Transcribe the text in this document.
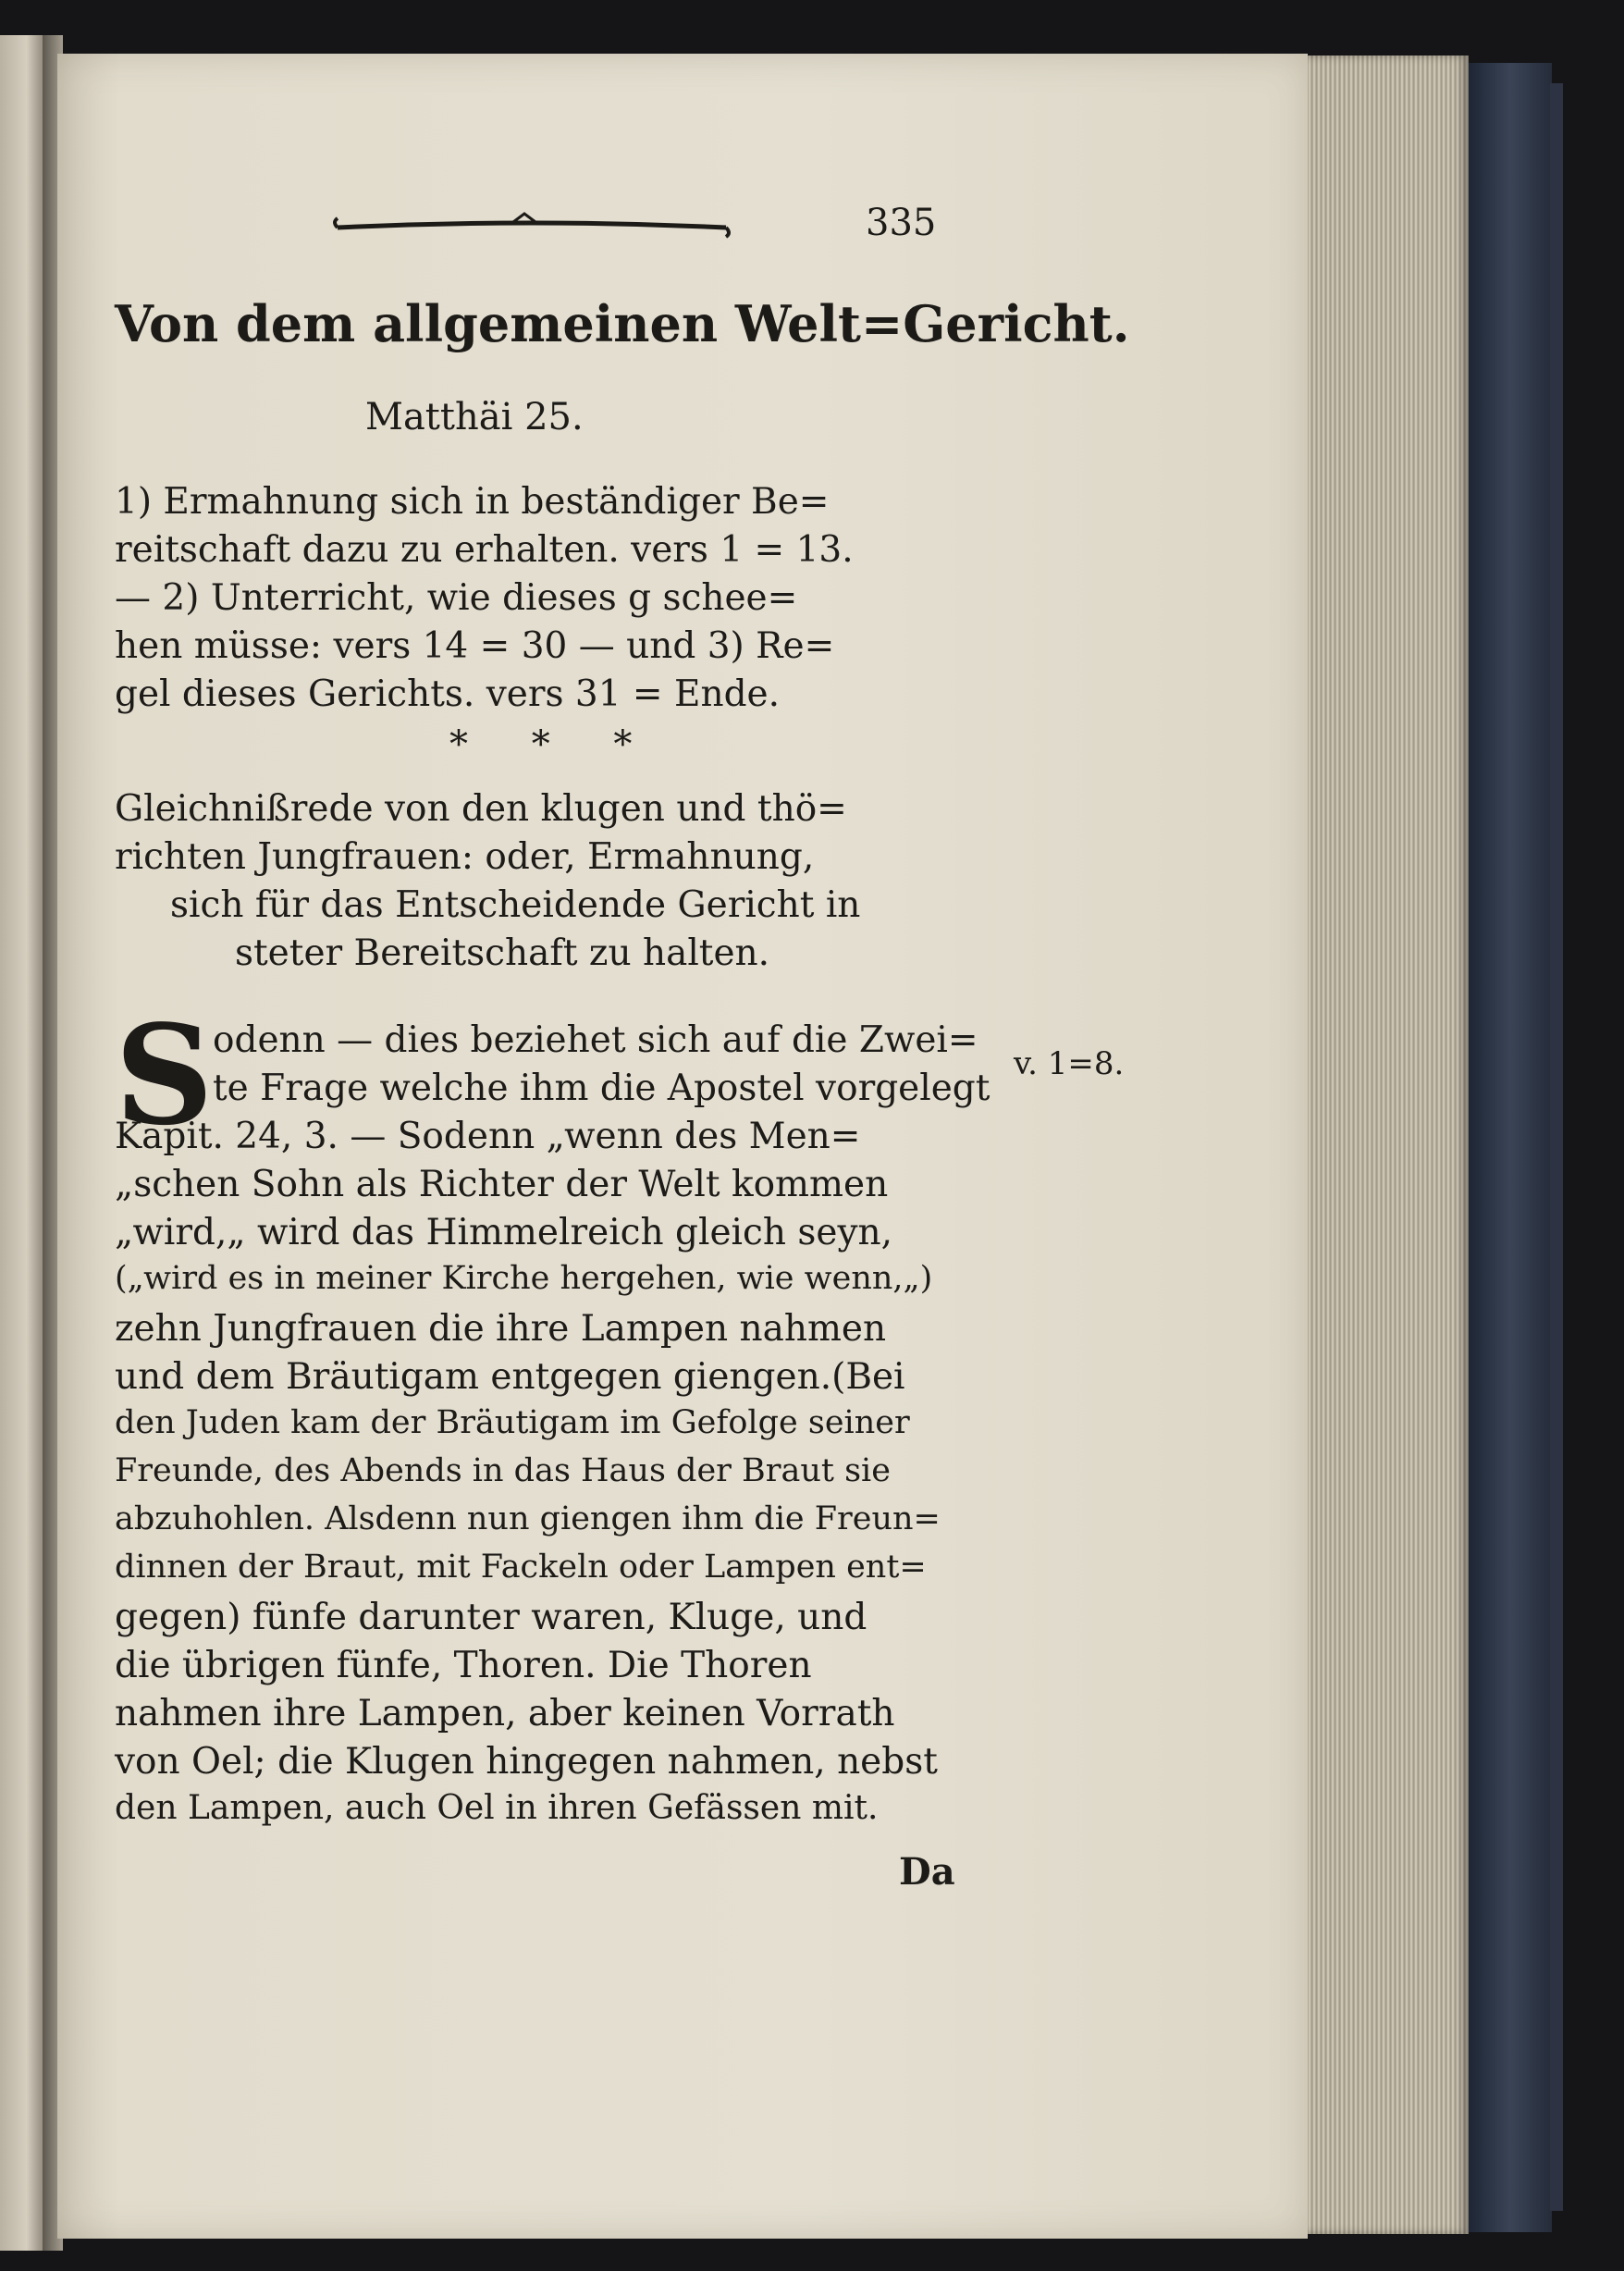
335
Von dem allgemeinen Welt=Gericht.
Matthäi 25.
1) Ermahnung sich in beständiger Be=
reitschaft dazu zu erhalten. vers 1 = 13.
— 2) Unterricht, wie dieses g schee=
hen müsse: vers 14 = 30 — und 3) Re=
gel dieses Gerichts. vers 31 = Ende.
* * *
Gleichnißrede von den klugen und thö=
richten Jungfrauen: oder, Ermahnung,
sich für das Entscheidende Gericht in
steter Bereitschaft zu halten.
v. 1=8.
S odenn — dies beziehet sich auf die Zwei=
te Frage welche ihm die Apostel vorgelegt
Kapit. 24, 3. — Sodenn „wenn des Men=
„schen Sohn als Richter der Welt kommen
„wird,„ wird das Himmelreich gleich seyn,
(„wird es in meiner Kirche hergehen, wie wenn,„)
zehn Jungfrauen die ihre Lampen nahmen
und dem Bräutigam entgegen giengen.(Bei
den Juden kam der Bräutigam im Gefolge seiner
Freunde, des Abends in das Haus der Braut sie
abzuhohlen. Alsdenn nun giengen ihm die Freun=
dinnen der Braut, mit Fackeln oder Lampen ent=
gegen) fünfe darunter waren, Kluge, und
die übrigen fünfe, Thoren. Die Thoren
nahmen ihre Lampen, aber keinen Vorrath
von Oel; die Klugen hingegen nahmen, nebst
den Lampen, auch Oel in ihren Gefässen mit.
Da
